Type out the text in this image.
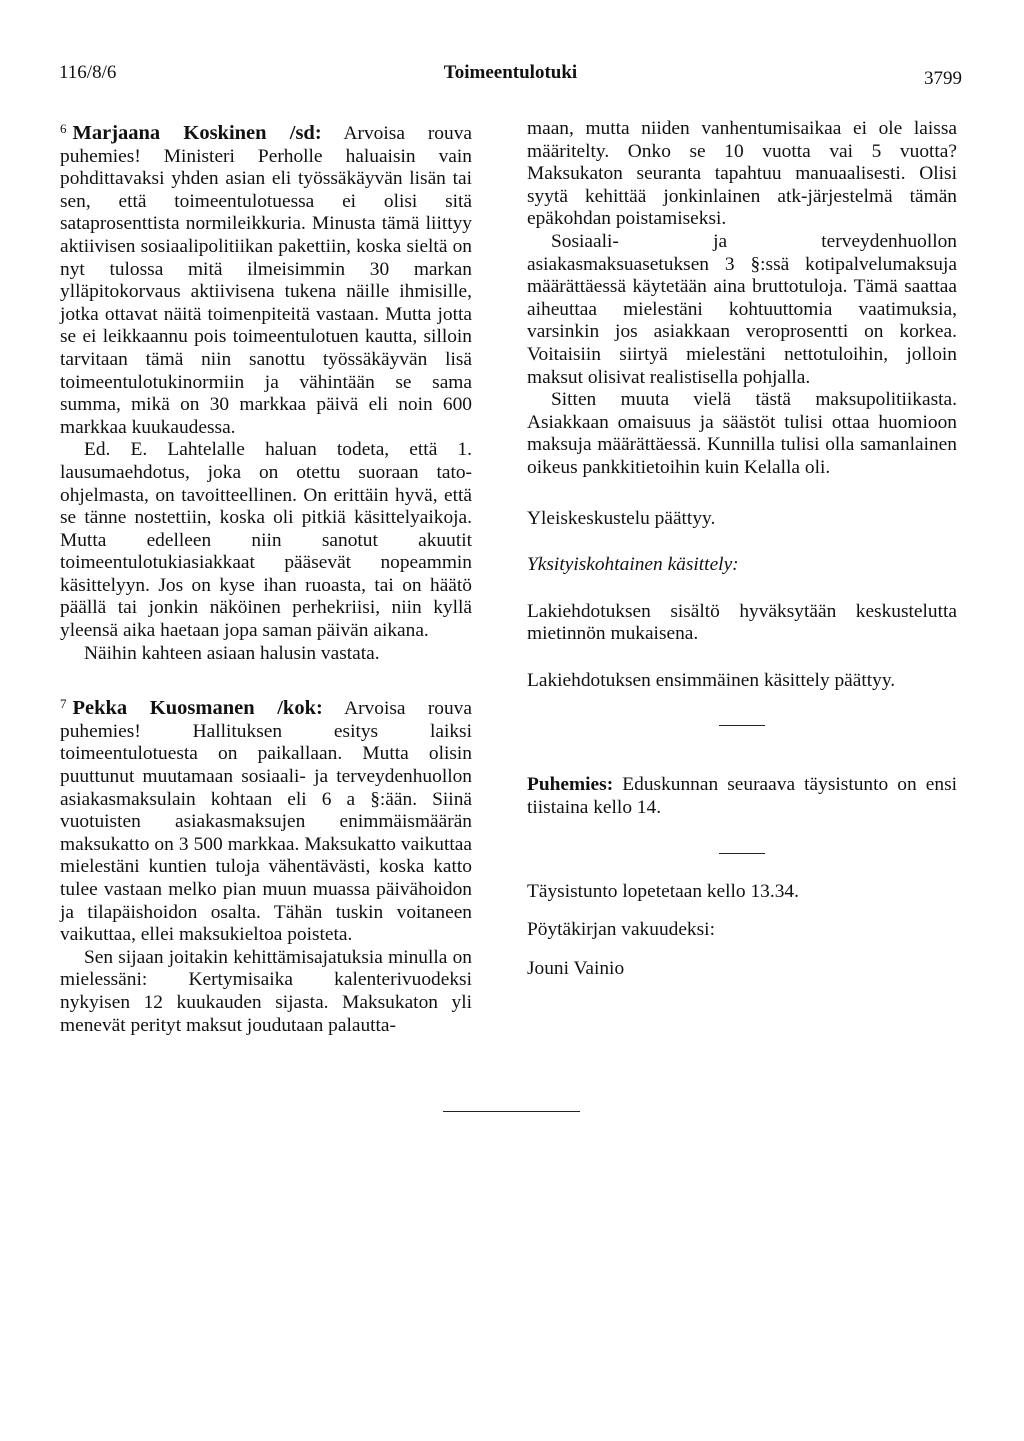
116/8/6	Toimeentulotuki	3799

$^6$ Marjaana Koskinen /sd: Arvoisa rouva puhemies! Ministeri Perholle haluaisin vain pohdittavaksi yhden asian eli työssäkäyvän lisän tai sen, että toimeentulotuessa ei olisi sitä sataprosenttista normileikkuria. Minusta tämä liittyy aktiivisen sosiaalipolitiikan pakettiin, koska sieltä on nyt tulossa mitä ilmeisimmin 30 markan ylläpitokorvaus aktiivisena tukena näille ihmisille, jotka ottavat näitä toimenpiteitä vastaan. Mutta jotta se ei leikkaannu pois toimeentulotuen kautta, silloin tarvitaan tämä niin sanottu työssäkäyvän lisä toimeentulotukinormiin ja vähintään se sama summa, mikä on 30 markkaa päivä eli noin 600 markkaa kuukaudessa.

Ed. E. Lahtelalle haluan todeta, että 1. lausumaehdotus, joka on otettu suoraan tato-ohjelmasta, on tavoitteellinen. On erittäin hyvä, että se tänne nostettiin, koska oli pitkiä käsittelyaikoja. Mutta edelleen niin sanotut akuutit toimeentulotukiasiakkaat pääsevät nopeammin käsittelyyn. Jos on kyse ihan ruoasta, tai on häätö päällä tai jonkin näköinen perhekriisi, niin kyllä yleensä aika haetaan jopa saman päivän aikana.

Näihin kahteen asiaan halusin vastata.

$^7$ Pekka Kuosmanen /kok: Arvoisa rouva puhemies! Hallituksen esitys laiksi toimeentulotuesta on paikallaan. Mutta olisin puuttunut muutamaan sosiaali- ja terveydenhuollon asiakasmaksulain kohtaan eli 6 a §:ään. Siinä vuotuisten asiakasmaksujen enimmäismäärän maksukatto on 3 500 markkaa. Maksukatto vaikuttaa mielestäni kuntien tuloja vähentävästi, koska katto tulee vastaan melko pian muun muassa päivähoidon ja tilapäishoidon osalta. Tähän tuskin voitaneen vaikuttaa, ellei maksukieltoa poisteta.

Sen sijaan joitakin kehittämisajatuksia minulla on mielessäni: Kertymisaika kalenterivuodeksi nykyisen 12 kuukauden sijasta. Maksukaton yli menevät perityt maksut joudutaan palautta-

maan, mutta niiden vanhentumisaikaa ei ole laissa määritelty. Onko se 10 vuotta vai 5 vuotta? Maksukaton seuranta tapahtuu manuaalisesti. Olisi syytä kehittää jonkinlainen atk-järjestelmä tämän epäkohdan poistamiseksi.

Sosiaali- ja terveydenhuollon asiakasmaksuasetuksen 3 §:ssä kotipalvelumaksuja määrättäessä käytetään aina bruttotuloja. Tämä saattaa aiheuttaa mielestäni kohtuuttomia vaatimuksia, varsinkin jos asiakkaan veroprosentti on korkea. Voitaisiin siirtyä mielestäni nettotuloihin, jolloin maksut olisivat realistisella pohjalla.

Sitten muuta vielä tästä maksupolitiikasta. Asiakkaan omaisuus ja säästöt tulisi ottaa huomioon maksuja määrättäessä. Kunnilla tulisi olla samanlainen oikeus pankkitietoihin kuin Kelalla oli.

Yleiskeskustelu päättyy.

Yksityiskohtainen käsittely:

Lakiehdotuksen sisältö hyväksytään keskustelutta mietinnön mukaisena.

Lakiehdotuksen ensimmäinen käsittely päättyy.

Puhemies: Eduskunnan seuraava täysistunto on ensi tiistaina kello 14.

Täysistunto lopetetaan kello 13.34.

Pöytäkirjan vakuudeksi:

Jouni Vainio
